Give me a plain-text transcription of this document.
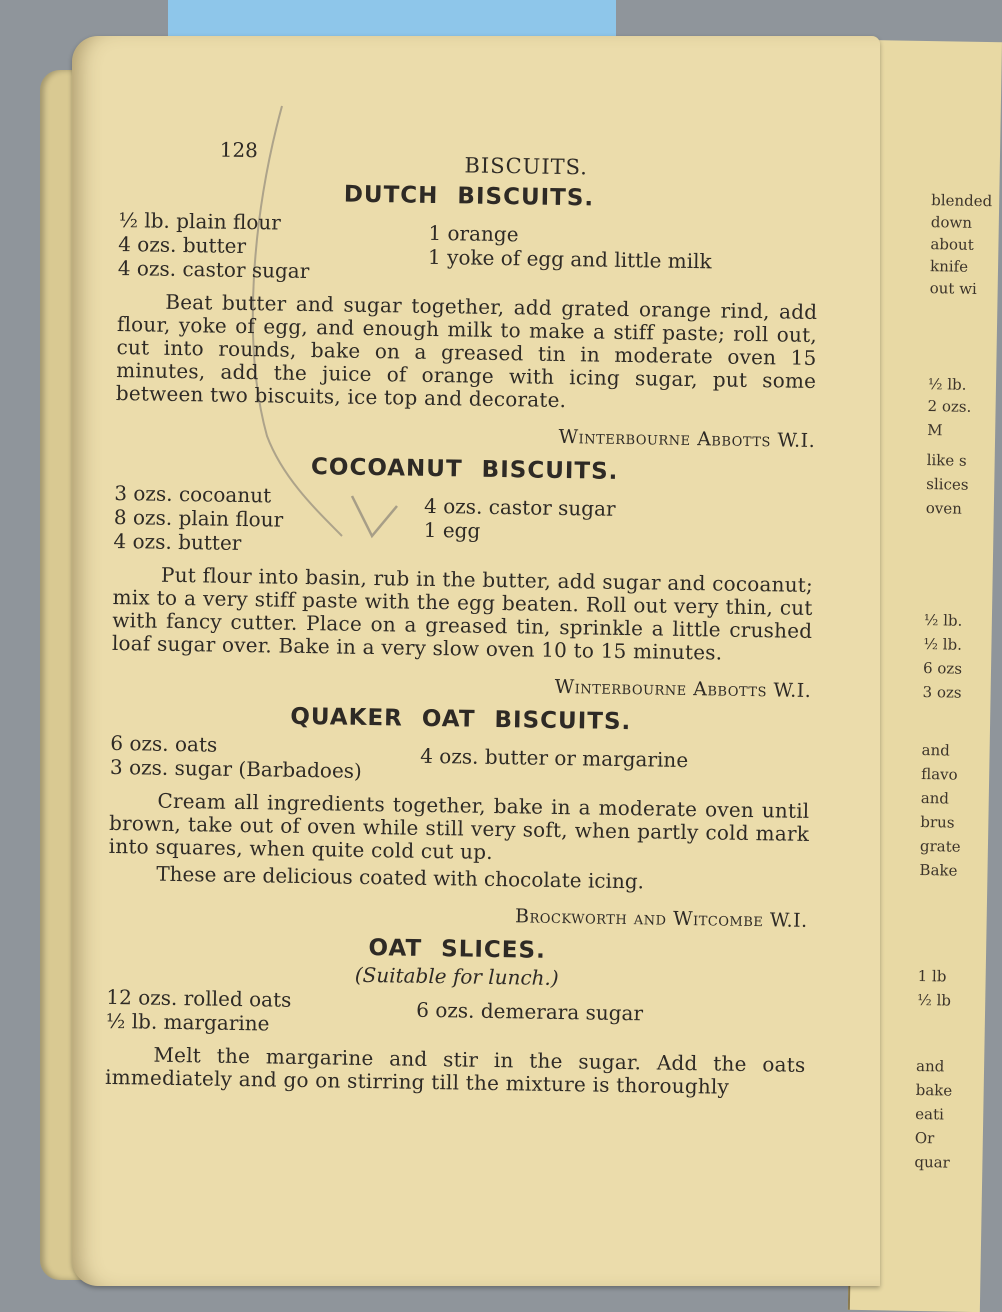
blended
down
about
knife
out wi
½ lb.
2 ozs.
M
like s
slices
oven
½ lb.
½ lb.
6 ozs
3 ozs
and
flavo
and
brus
grate
Bake
1 lb
½ lb
and
bake
eati
Or
quar
128
BISCUITS.
DUTCH BISCUITS.
½ lb. plain flour
4 ozs. butter
4 ozs. castor sugar
1 orange
1 yoke of egg and little milk

Beat butter and sugar together, add grated orange rind, add flour, yoke of egg, and enough milk to make a stiff paste; roll out, cut into rounds, bake on a greased tin in moderate oven 15 minutes, add the juice of orange with icing sugar, put some between two biscuits, ice top and decorate.

Winterbourne Abbotts W.I.
COCOANUT BISCUITS.
3 ozs. cocoanut
8 ozs. plain flour
4 ozs. butter
4 ozs. castor sugar
1 egg

Put flour into basin, rub in the butter, add sugar and cocoanut; mix to a very stiff paste with the egg beaten. Roll out very thin, cut with fancy cutter. Place on a greased tin, sprinkle a little crushed loaf sugar over. Bake in a very slow oven 10 to 15 minutes.

Winterbourne Abbotts W.I.
QUAKER OAT BISCUITS.
6 ozs. oats
3 ozs. sugar (Barbadoes)	4 ozs. butter or margarine

Cream all ingredients together, bake in a moderate oven until brown, take out of oven while still very soft, when partly cold mark into squares, when quite cold cut up.

These are delicious coated with chocolate icing.

Brockworth and Witcombe W.I.
OAT SLICES.
(Suitable for lunch.)
12 ozs. rolled oats
½ lb. margarine	6 ozs. demerara sugar

Melt the margarine and stir in the sugar. Add the oats immediately and go on stirring till the mixture is thoroughly
